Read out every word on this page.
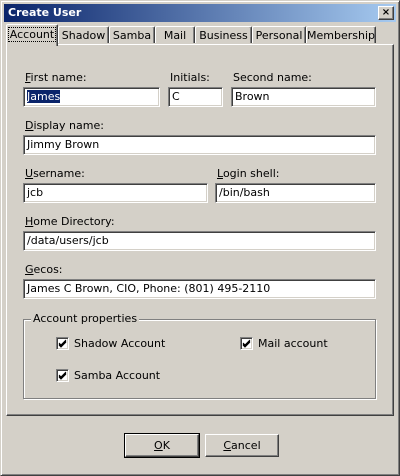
Create User	×
Account Shadow Samba	Mail	Business Personal Membership
First name:
James
Initials:
C
Second name:
Brown
Display name:
Jimmy Brown
Username:
jcb
Login shell:
/bin/bash
Home Directory:
/data/users/jcb
Gecos:
James C Brown, CIO, Phone: (801) 495-2110
Account properties
Shadow Account	Mail account
Samba Account
OK	Cancel
